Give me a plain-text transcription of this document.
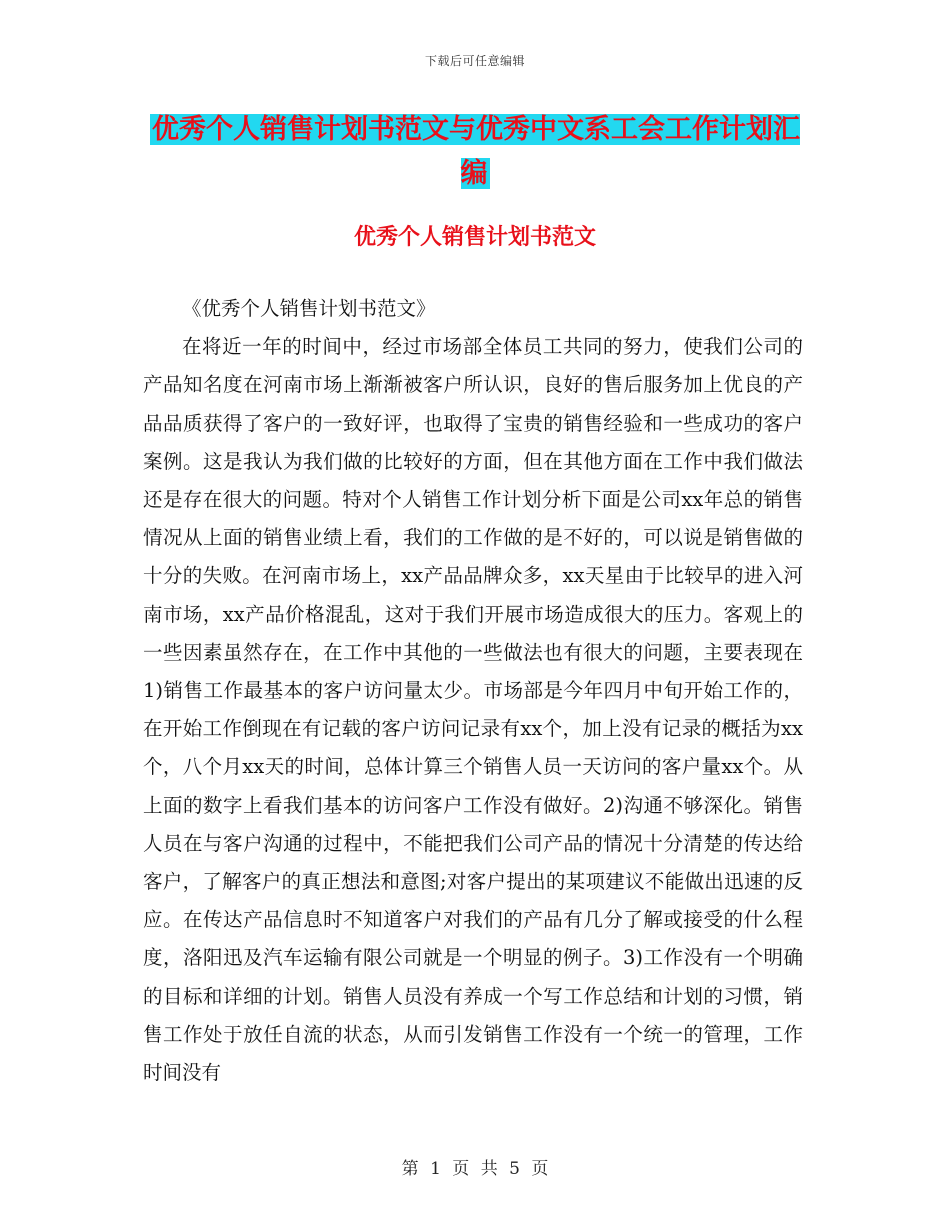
下载后可任意编辑
优秀个人销售计划书范文与优秀中文系工会工作计划汇编
优秀个人销售计划书范文

《优秀个人销售计划书范文》

在将近一年的时间中，经过市场部全体员工共同的努力，使我们公司的产品知名度在河南市场上渐渐被客户所认识，良好的售后服务加上优良的产品品质获得了客户的一致好评，也取得了宝贵的销售经验和一些成功的客户案例。这是我认为我们做的比较好的方面，但在其他方面在工作中我们做法还是存在很大的问题。特对个人销售工作计划分析下面是公司xx年总的销售情况从上面的销售业绩上看，我们的工作做的是不好的，可以说是销售做的十分的失败。在河南市场上，xx产品品牌众多，xx天星由于比较早的进入河南市场，xx产品价格混乱，这对于我们开展市场造成很大的压力。客观上的一些因素虽然存在，在工作中其他的一些做法也有很大的问题，主要表现在1)销售工作最基本的客户访问量太少。市场部是今年四月中旬开始工作的，在开始工作倒现在有记载的客户访问记录有xx个，加上没有记录的概括为xx个，八个月xx天的时间，总体计算三个销售人员一天访问的客户量xx个。从上面的数字上看我们基本的访问客户工作没有做好。2)沟通不够深化。销售人员在与客户沟通的过程中，不能把我们公司产品的情况十分清楚的传达给客户，了解客户的真正想法和意图;对客户提出的某项建议不能做出迅速的反应。在传达产品信息时不知道客户对我们的产品有几分了解或接受的什么程度，洛阳迅及汽车运输有限公司就是一个明显的例子。3)工作没有一个明确的目标和详细的计划。销售人员没有养成一个写工作总结和计划的习惯，销售工作处于放任自流的状态，从而引发销售工作没有一个统一的管理，工作时间没有

第 1 页 共 5 页
